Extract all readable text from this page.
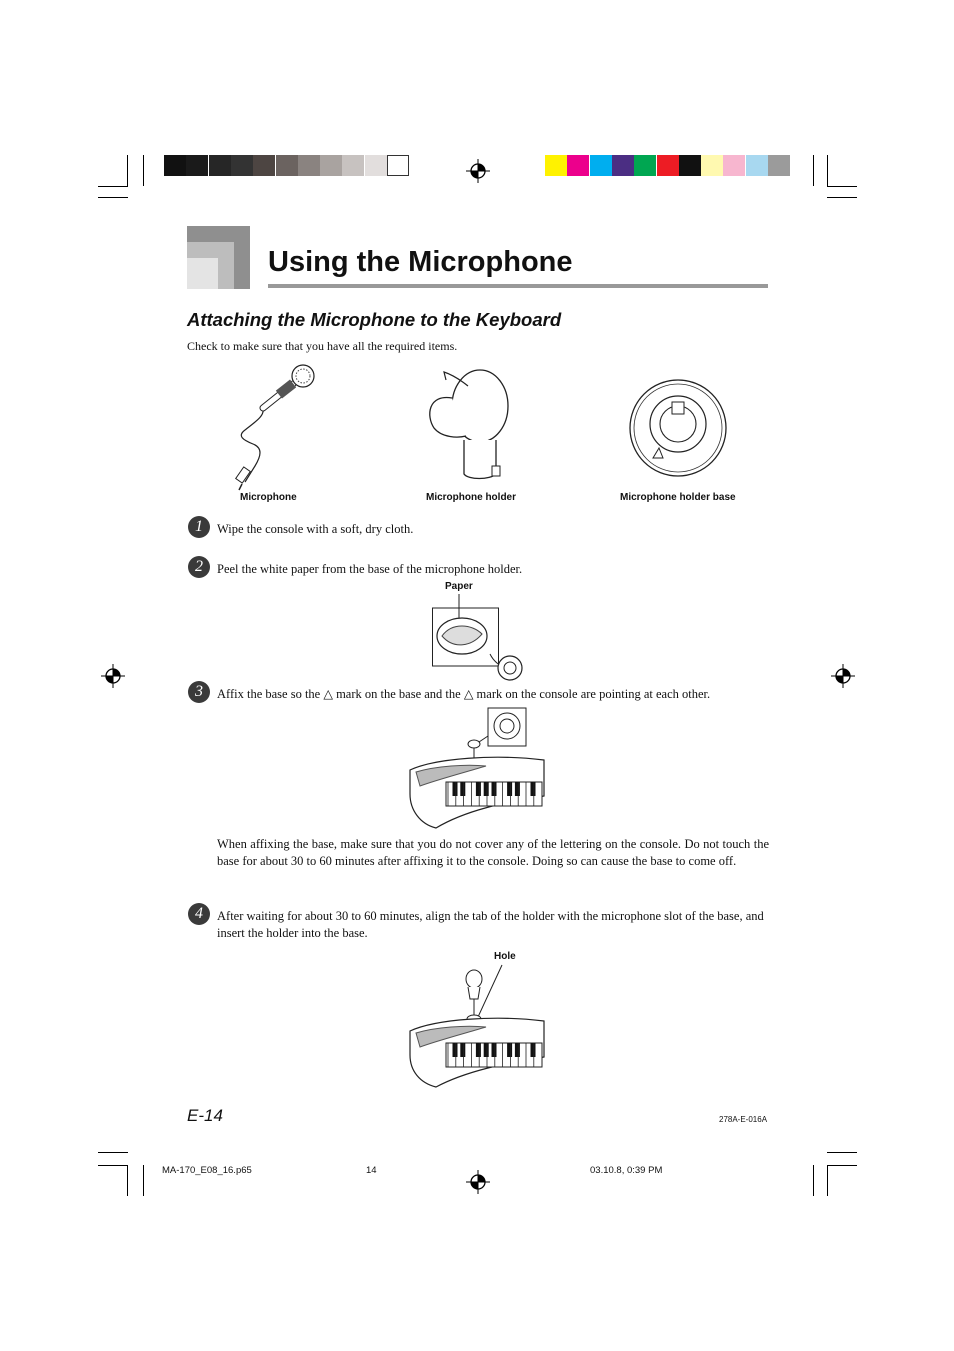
Using the Microphone
Attaching the Microphone to the Keyboard
Check to make sure that you have all the required items.
Microphone	Microphone holder	Microphone holder base
1	Wipe the console with a soft, dry cloth.
2	Peel the white paper from the base of the microphone holder.
Paper
3	Affix the base so the △ mark on the base and the △ mark on the console are pointing at each other.
When affixing the base, make sure that you do not cover any of the lettering on the console. Do not touch the base for about 30 to 60 minutes after affixing it to the console. Doing so can cause the base to come off.
4	After waiting for about 30 to 60 minutes, align the tab of the holder with the microphone slot of the base, and insert the holder into the base.
Hole
E-14	278A-E-016A
MA-170_E08_16.p65	14	03.10.8, 0:39 PM
